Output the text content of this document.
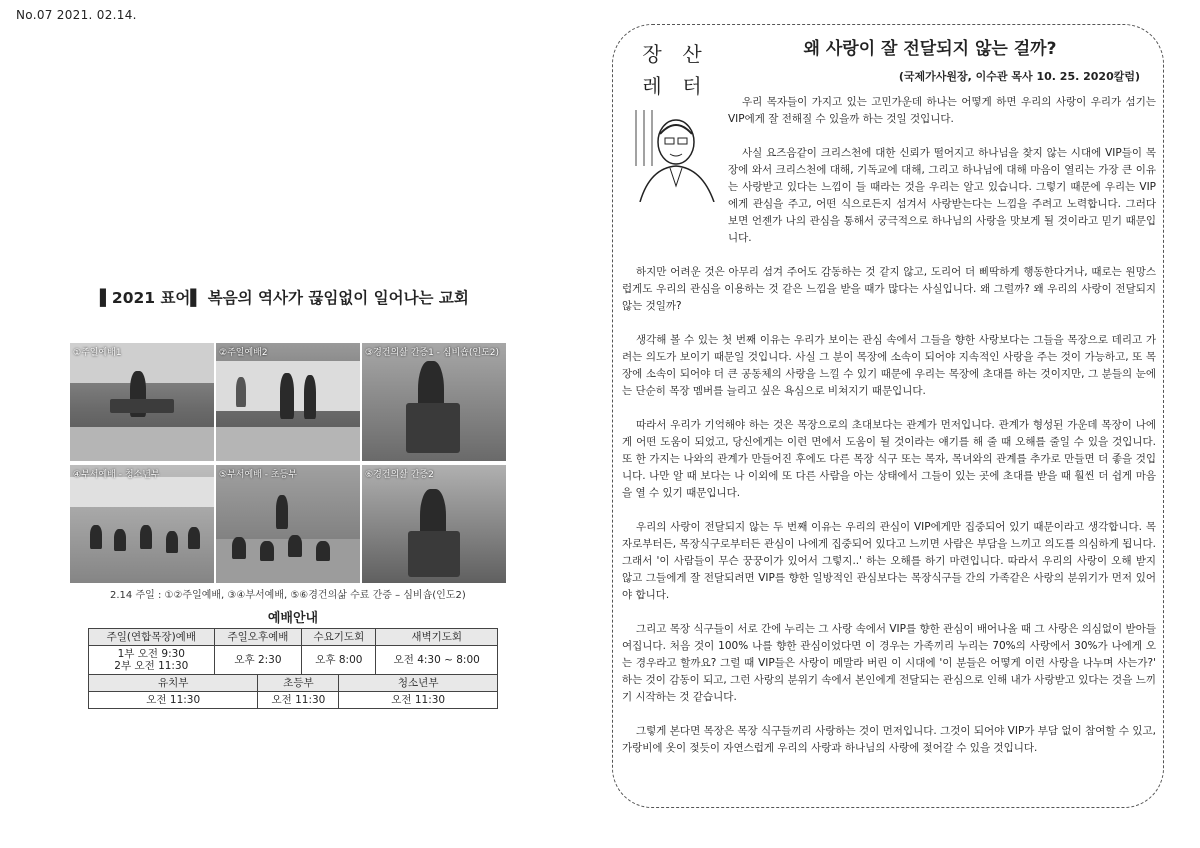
No.07 2021. 02.14.
▌2021 표어▌ 복음의 역사가 끊임없이 일어나는 교회
①주일예배1	②주일예배2	③경건의삶 간증1 - 심비숍(인도2)
④부서예배 - 청소년부	⑤부서예배 - 초등부	⑥경건의삶 간증2
2.14 주일 : ①②주일예배, ③④부서예배, ⑤⑥경건의삶 수료 간증 – 심비숍(인도2)
예배안내
주일(연합목장)예배	주일오후예배		수요기도회		새벽기도회
1부 오전 9:30
2부 오전 11:30	오후 2:30		오후 8:00		오전 4:30 ~ 8:00
유치부		초등부		청소년부	
오전 11:30		오전 11:30		오전 11:30	
장	산
레	터
왜 사랑이 잘 전달되지 않는 걸까?
(국제가사원장, 이수관 목사 10. 25. 2020칼럼)

우리 목자들이 가지고 있는 고민가운데 하나는 어떻게 하면 우리의 사랑이 우리가 섬기는 VIP에게 잘 전해질 수 있을까 하는 것일 것입니다.

사실 요즈음같이 크리스천에 대한 신뢰가 떨어지고 하나님을 찾지 않는 시대에 VIP들이 목장에 와서 크리스천에 대해, 기독교에 대해, 그리고 하나님에 대해 마음이 열리는 가장 큰 이유는 사랑받고 있다는 느낌이 들 때라는 것을 우리는 알고 있습니다. 그렇기 때문에 우리는 VIP에게 관심을 주고, 어떤 식으로든지 섬겨서 사랑받는다는 느낌을 주려고 노력합니다. 그러다 보면 언젠가 나의 관심을 통해서 궁극적으로 하나님의 사랑을 맛보게 될 것이라고 믿기 때문입니다.

하지만 어려운 것은 아무리 섬겨 주어도 감동하는 것 같지 않고, 도리어 더 삐딱하게 행동한다거나, 때로는 원망스럽게도 우리의 관심을 이용하는 것 같은 느낌을 받을 때가 많다는 사실입니다. 왜 그럴까? 왜 우리의 사랑이 전달되지 않는 것일까?

생각해 볼 수 있는 첫 번째 이유는 우리가 보이는 관심 속에서 그들을 향한 사랑보다는 그들을 목장으로 데리고 가려는 의도가 보이기 때문일 것입니다. 사실 그 분이 목장에 소속이 되어야 지속적인 사랑을 주는 것이 가능하고, 또 목장에 소속이 되어야 더 큰 공동체의 사랑을 느낄 수 있기 때문에 우리는 목장에 초대를 하는 것이지만, 그 분들의 눈에는 단순히 목장 멤버를 늘리고 싶은 욕심으로 비쳐지기 때문입니다.

따라서 우리가 기억해야 하는 것은 목장으로의 초대보다는 관계가 먼저입니다. 관계가 형성된 가운데 목장이 나에게 어떤 도움이 되었고, 당신에게는 이런 면에서 도움이 될 것이라는 얘기를 해 줄 때 오해를 줄일 수 있을 것입니다. 또 한 가지는 나와의 관계가 만들어진 후에도 다른 목장 식구 또는 목자, 목녀와의 관계를 추가로 만들면 더 좋을 것입니다. 나만 알 때 보다는 나 이외에 또 다른 사람을 아는 상태에서 그들이 있는 곳에 초대를 받을 때 훨씬 더 쉽게 마음을 열 수 있기 때문입니다.

우리의 사랑이 전달되지 않는 두 번째 이유는 우리의 관심이 VIP에게만 집중되어 있기 때문이라고 생각합니다. 목자로부터든, 목장식구로부터든 관심이 나에게 집중되어 있다고 느끼면 사람은 부담을 느끼고 의도를 의심하게 됩니다. 그래서 '이 사람들이 무슨 꿍꿍이가 있어서 그렇지..' 하는 오해를 하기 마련입니다. 따라서 우리의 사랑이 오해 받지 않고 그들에게 잘 전달되려면 VIP를 향한 일방적인 관심보다는 목장식구들 간의 가족같은 사랑의 분위기가 먼저 있어야 합니다.

그리고 목장 식구들이 서로 간에 누리는 그 사랑 속에서 VIP를 향한 관심이 배어나올 때 그 사랑은 의심없이 받아들여집니다. 처음 것이 100% 나를 향한 관심이었다면 이 경우는 가족끼리 누리는 70%의 사랑에서 30%가 나에게 오는 경우라고 할까요? 그럴 때 VIP들은 사랑이 메말라 버린 이 시대에 '이 분들은 어떻게 이런 사랑을 나누며 사는가?' 하는 것이 감동이 되고, 그런 사랑의 분위기 속에서 본인에게 전달되는 관심으로 인해 내가 사랑받고 있다는 것을 느끼기 시작하는 것 같습니다.

그렇게 본다면 목장은 목장 식구들끼리 사랑하는 것이 먼저입니다. 그것이 되어야 VIP가 부담 없이 참여할 수 있고, 가랑비에 옷이 젖듯이 자연스럽게 우리의 사랑과 하나님의 사랑에 젖어갈 수 있을 것입니다.
